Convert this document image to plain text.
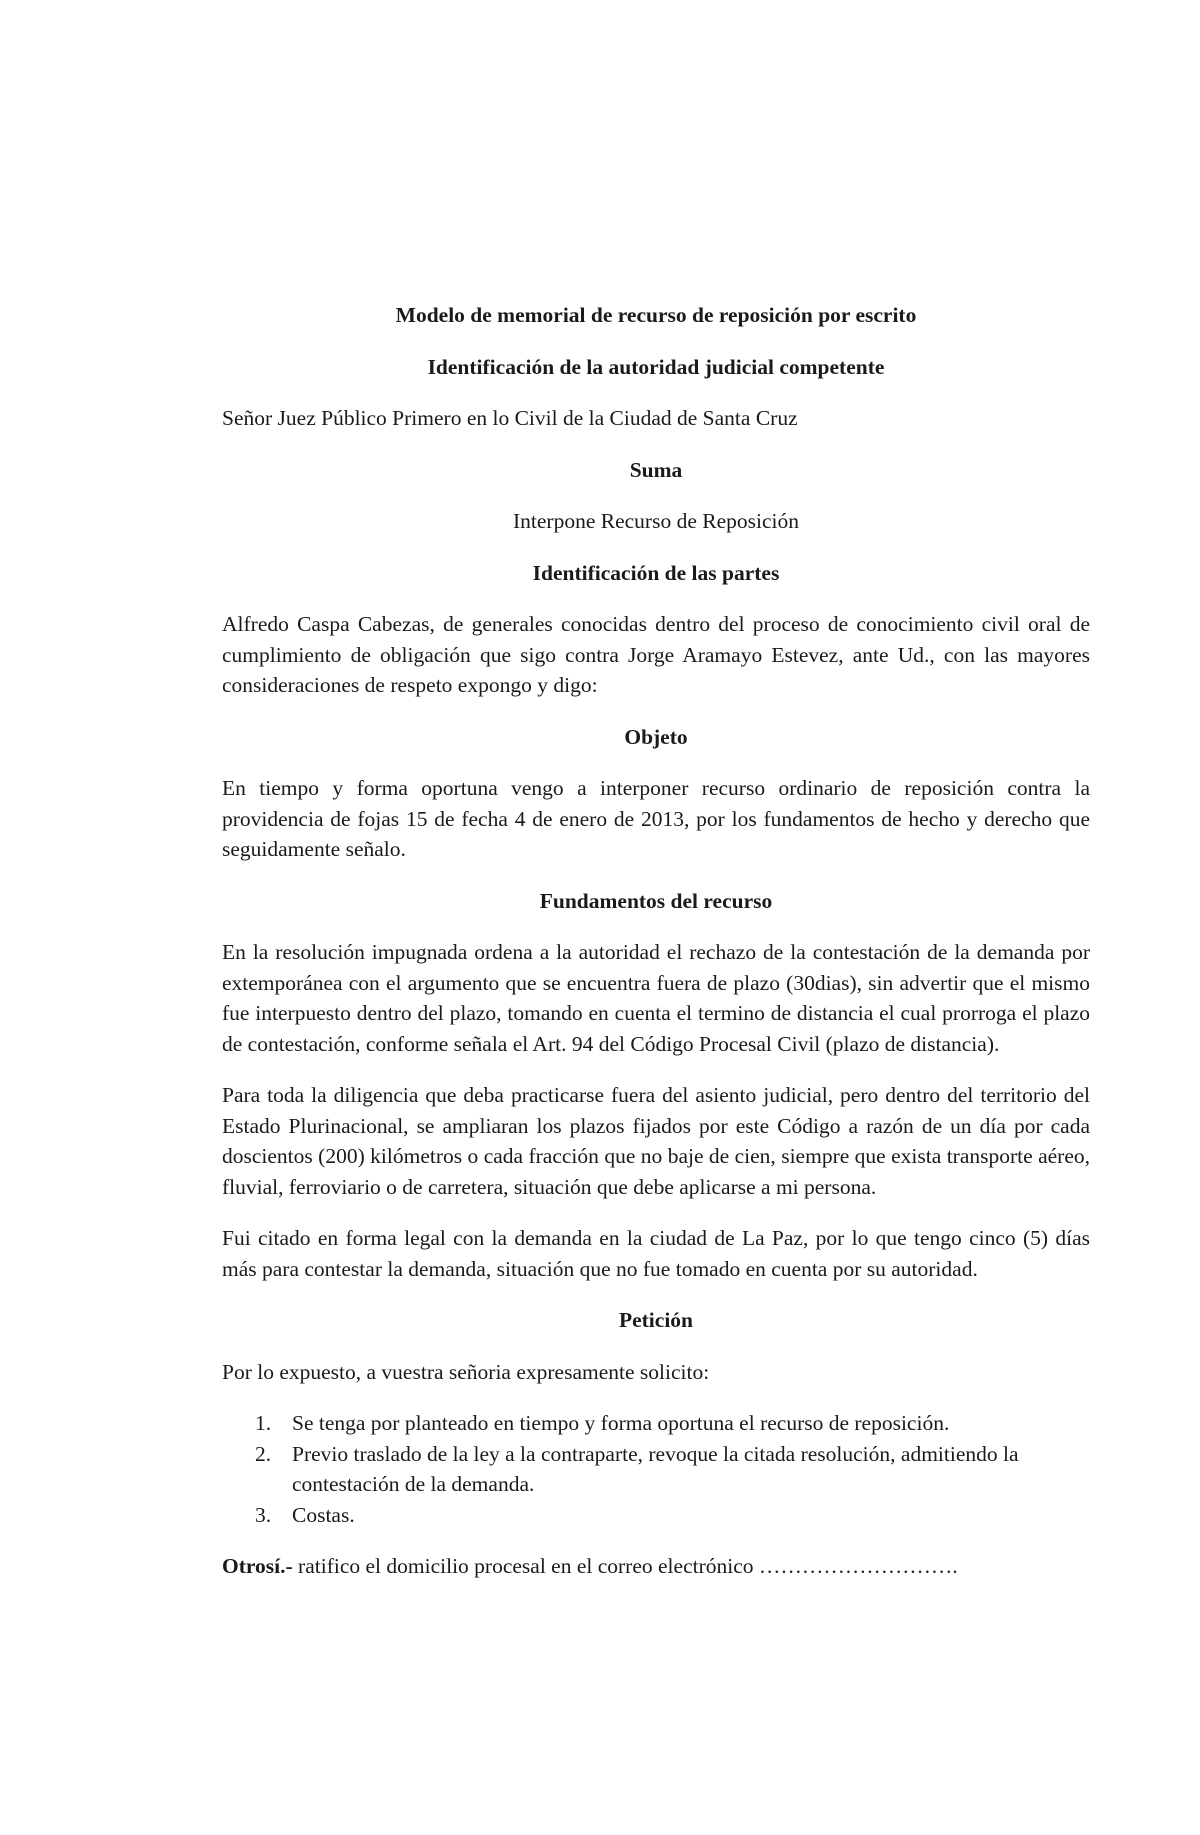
Modelo de memorial de recurso de reposición por escrito

Identificación de la autoridad judicial competente

Señor Juez Público Primero en lo Civil de la Ciudad de Santa Cruz

Suma

Interpone Recurso de Reposición

Identificación de las partes

Alfredo Caspa Cabezas, de generales conocidas dentro del proceso de conocimiento civil oral de cumplimiento de obligación que sigo contra Jorge Aramayo Estevez, ante Ud., con las mayores consideraciones de respeto expongo y digo:

Objeto

En tiempo y forma oportuna vengo a interponer recurso ordinario de reposición contra la providencia de fojas 15 de fecha 4 de enero de 2013, por los fundamentos de hecho y derecho que seguidamente señalo.

Fundamentos del recurso

En la resolución impugnada ordena a la autoridad el rechazo de la contestación de la demanda por extemporánea con el argumento que se encuentra fuera de plazo (30dias), sin advertir que el mismo fue interpuesto dentro del plazo, tomando en cuenta el termino de distancia el cual prorroga el plazo de contestación, conforme señala el Art. 94 del Código Procesal Civil (plazo de distancia).

Para toda la diligencia que deba practicarse fuera del asiento judicial, pero dentro del territorio del Estado Plurinacional, se ampliaran los plazos fijados por este Código a razón de un día por cada doscientos (200) kilómetros o cada fracción que no baje de cien, siempre que exista transporte aéreo, fluvial, ferroviario o de carretera, situación que debe aplicarse a mi persona.

Fui citado en forma legal con la demanda en la ciudad de La Paz, por lo que tengo cinco (5) días más para contestar la demanda, situación que no fue tomado en cuenta por su autoridad.

Petición

Por lo expuesto, a vuestra señoria expresamente solicito:

1. Se tenga por planteado en tiempo y forma oportuna el recurso de reposición.
2. Previo traslado de la ley a la contraparte, revoque la citada resolución, admitiendo la contestación de la demanda.
3. Costas.

Otrosí.- ratifico el domicilio procesal en el correo electrónico ……………………….
